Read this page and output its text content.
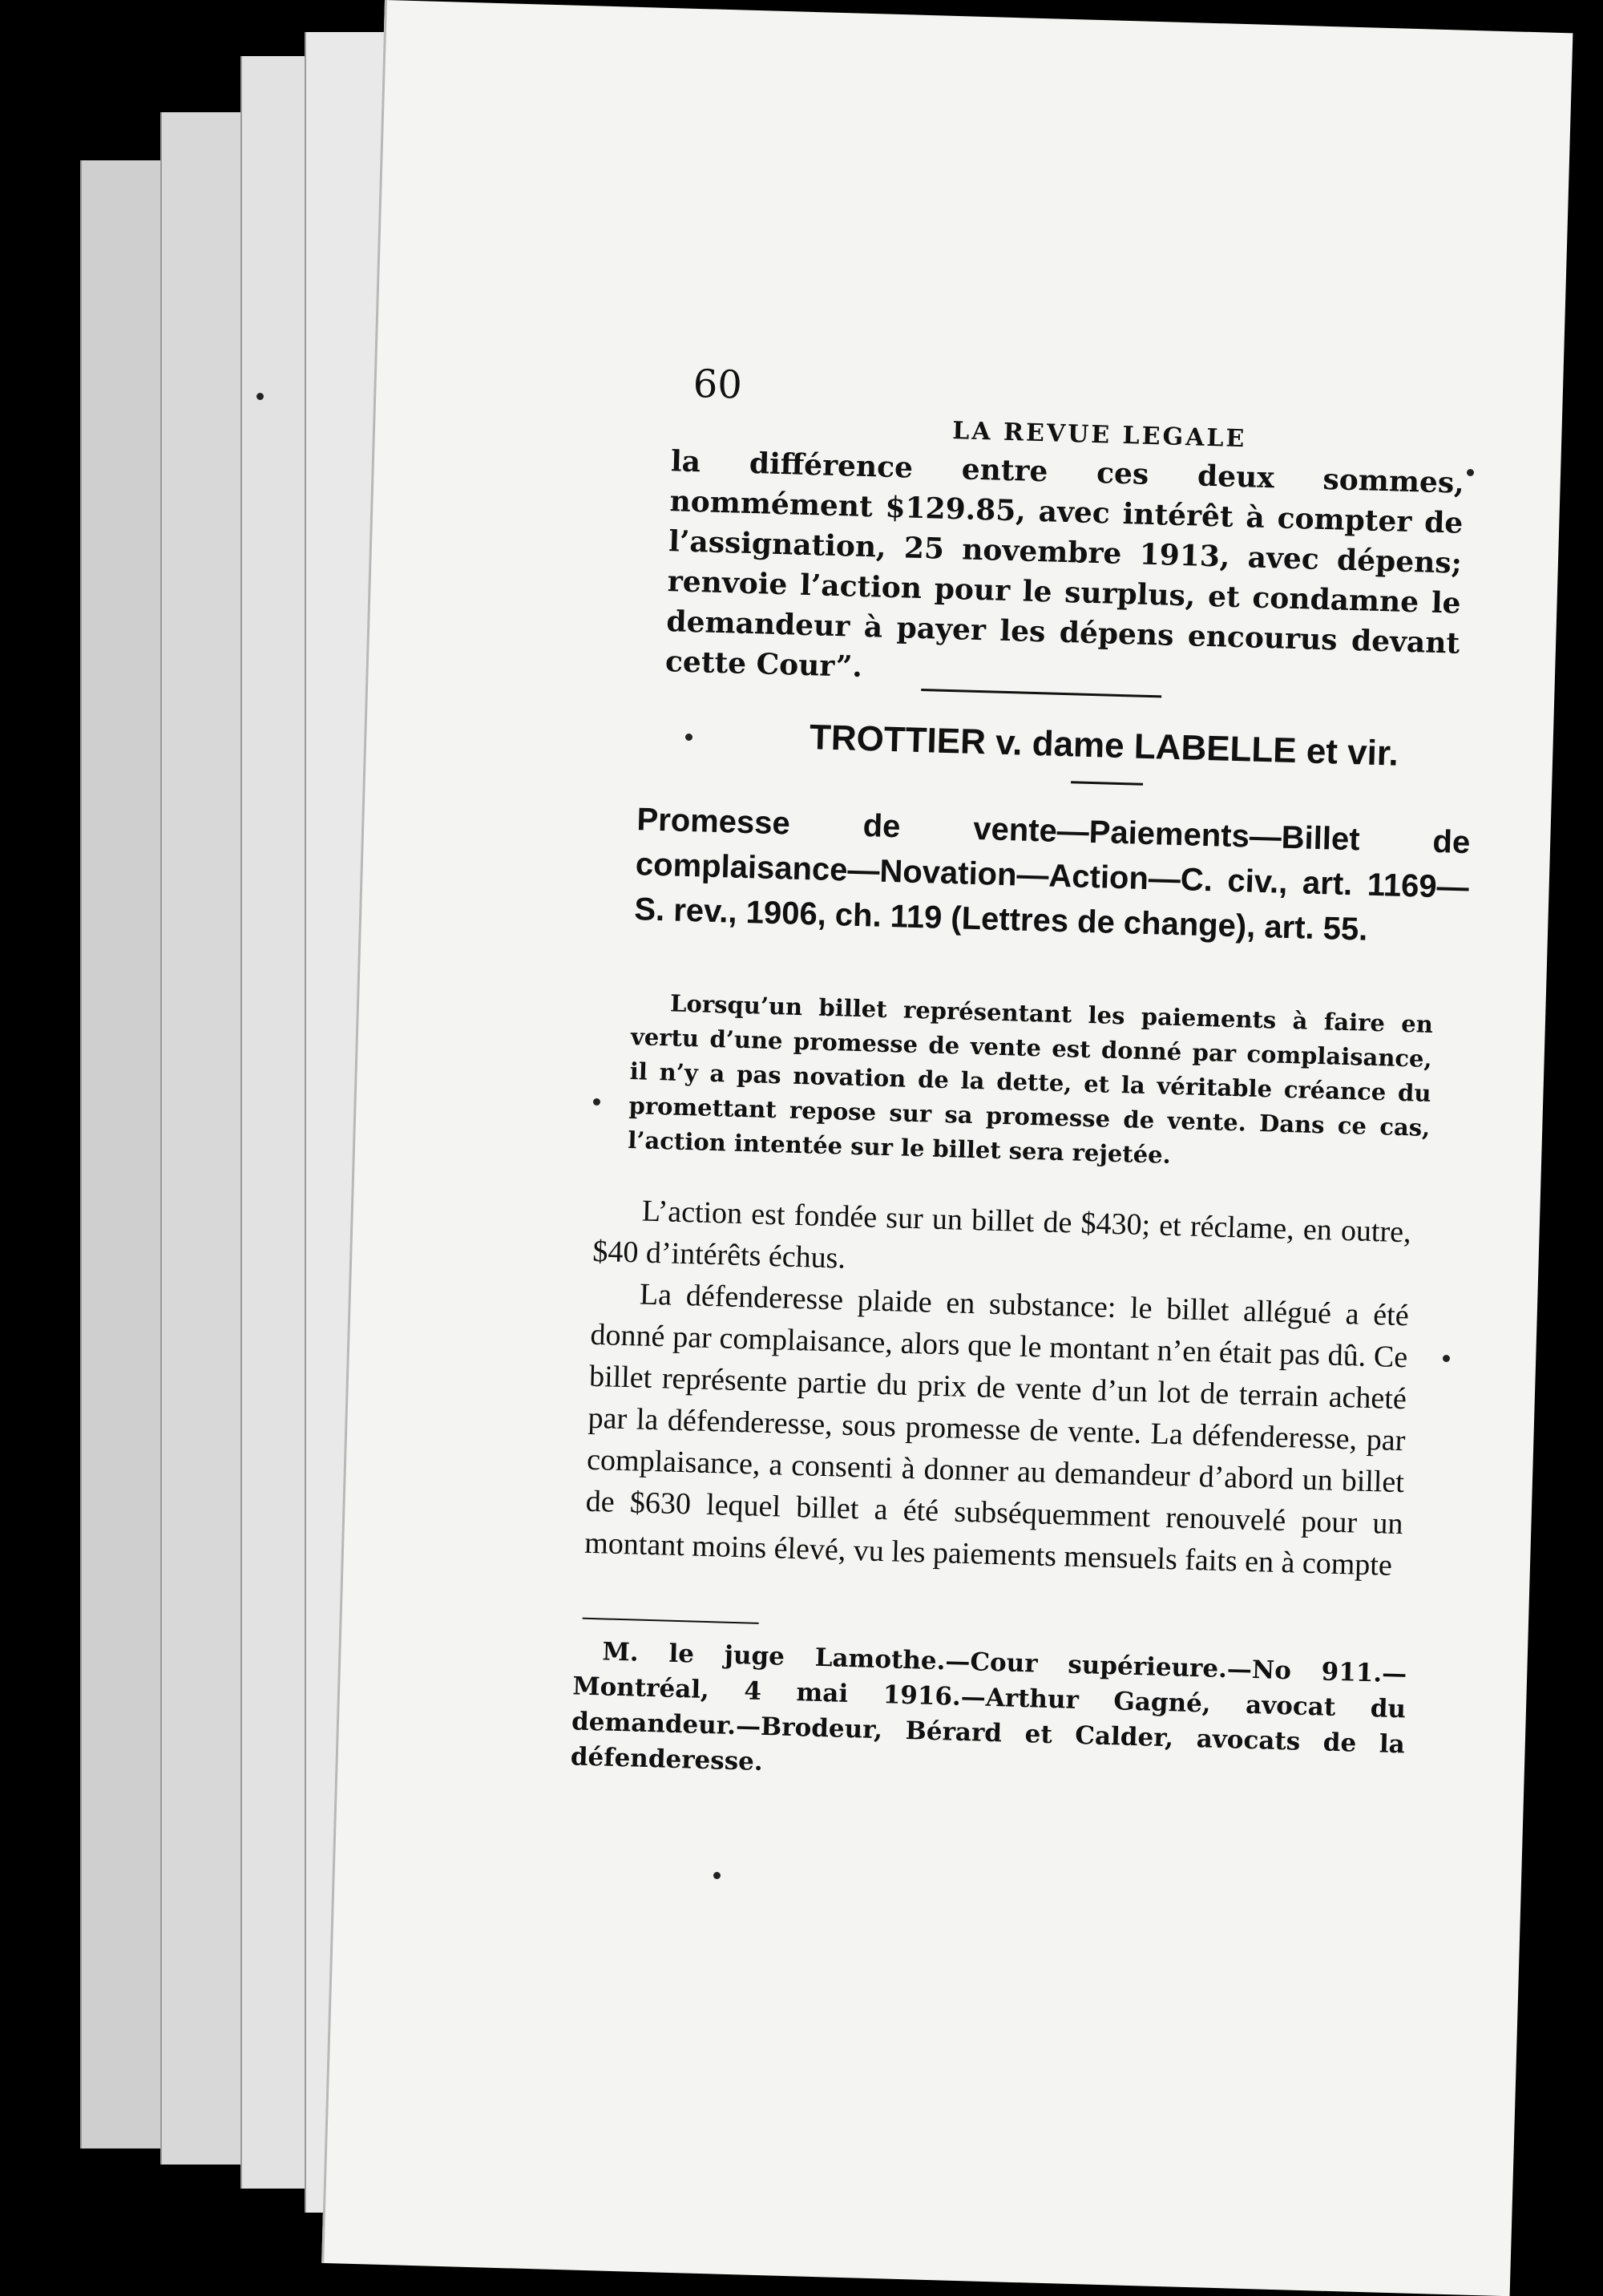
60
LA REVUE LEGALE
la différence entre ces deux sommes, nommément $129.85, avec intérêt à compter de l’assignation, 25 novembre 1913, avec dépens; renvoie l’action pour le surplus, et condamne le demandeur à payer les dépens encourus devant cette Cour”.
TROTTIER v. dame LABELLE et vir.
Promesse de vente—Paiements—Billet de complaisance—Novation—Action—C. civ., art. 1169—S. rev., 1906, ch. 119 (Lettres de change), art. 55.
Lorsqu’un billet représentant les paiements à faire en vertu d’une promesse de vente est donné par complaisance, il n’y a pas novation de la dette, et la véritable créance du promettant repose sur sa promesse de vente. Dans ce cas, l’action intentée sur le billet sera rejetée.

L’action est fondée sur un billet de $430; et réclame, en outre, $40 d’intérêts échus.

La défenderesse plaide en substance: le billet allégué a été donné par complaisance, alors que le montant n’en était pas dû. Ce billet représente partie du prix de vente d’un lot de terrain acheté par la défenderesse, sous promesse de vente. La défenderesse, par complaisance, a consenti à donner au demandeur d’abord un billet de $630 lequel billet a été subséquemment renouvelé pour un montant moins élevé, vu les paiements mensuels faits en à compte

M. le juge Lamothe.—Cour supérieure.—No 911.—Montréal, 4 mai 1916.—Arthur Gagné, avocat du demandeur.—Brodeur, Bérard et Calder, avocats de la défenderesse.
